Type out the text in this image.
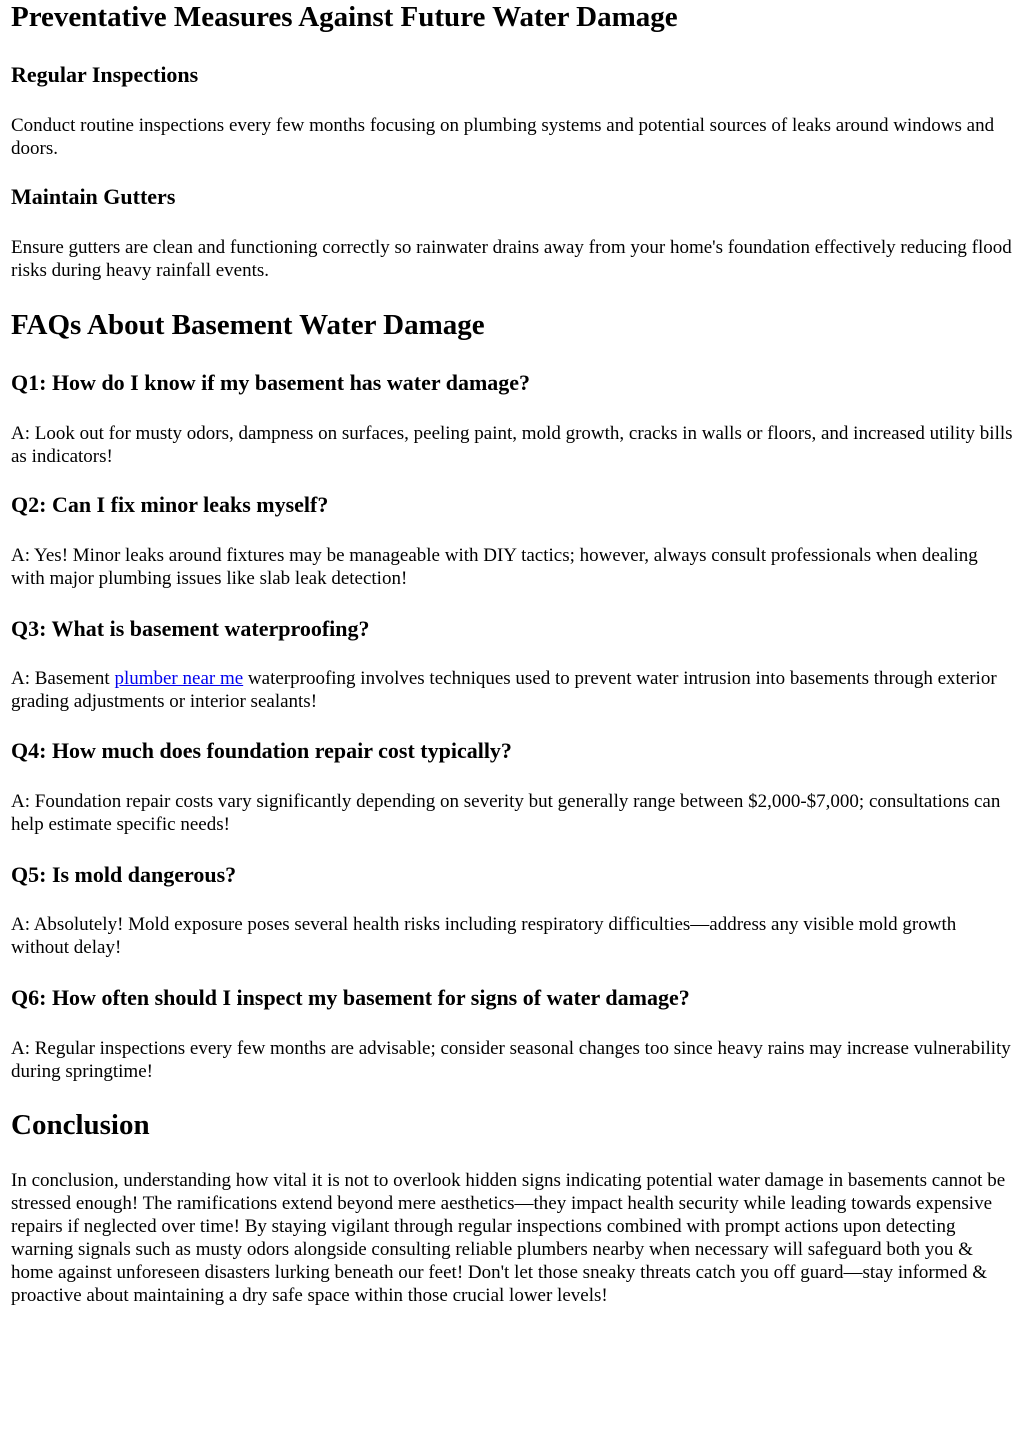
Preventative Measures Against Future Water Damage
Regular Inspections

Conduct routine inspections every few months focusing on plumbing systems and potential sources of leaks around windows and doors.

Maintain Gutters

Ensure gutters are clean and functioning correctly so rainwater drains away from your home's foundation effectively reducing flood risks during heavy rainfall events.

FAQs About Basement Water Damage
Q1: How do I know if my basement has water damage?

A: Look out for musty odors, dampness on surfaces, peeling paint, mold growth, cracks in walls or floors, and increased utility bills as indicators!

Q2: Can I fix minor leaks myself?

A: Yes! Minor leaks around fixtures may be manageable with DIY tactics; however, always consult professionals when dealing with major plumbing issues like slab leak detection!

Q3: What is basement waterproofing?

A: Basement plumber near me waterproofing involves techniques used to prevent water intrusion into basements through exterior grading adjustments or interior sealants!

Q4: How much does foundation repair cost typically?

A: Foundation repair costs vary significantly depending on severity but generally range between $2,000-$7,000; consultations can help estimate specific needs!

Q5: Is mold dangerous?

A: Absolutely! Mold exposure poses several health risks including respiratory difficulties—address any visible mold growth without delay!

Q6: How often should I inspect my basement for signs of water damage?

A: Regular inspections every few months are advisable; consider seasonal changes too since heavy rains may increase vulnerability during springtime!

Conclusion

In conclusion, understanding how vital it is not to overlook hidden signs indicating potential water damage in basements cannot be stressed enough! The ramifications extend beyond mere aesthetics—they impact health security while leading towards expensive repairs if neglected over time! By staying vigilant through regular inspections combined with prompt actions upon detecting warning signals such as musty odors alongside consulting reliable plumbers nearby when necessary will safeguard both you & home against unforeseen disasters lurking beneath our feet! Don't let those sneaky threats catch you off guard—stay informed & proactive about maintaining a dry safe space within those crucial lower levels!
